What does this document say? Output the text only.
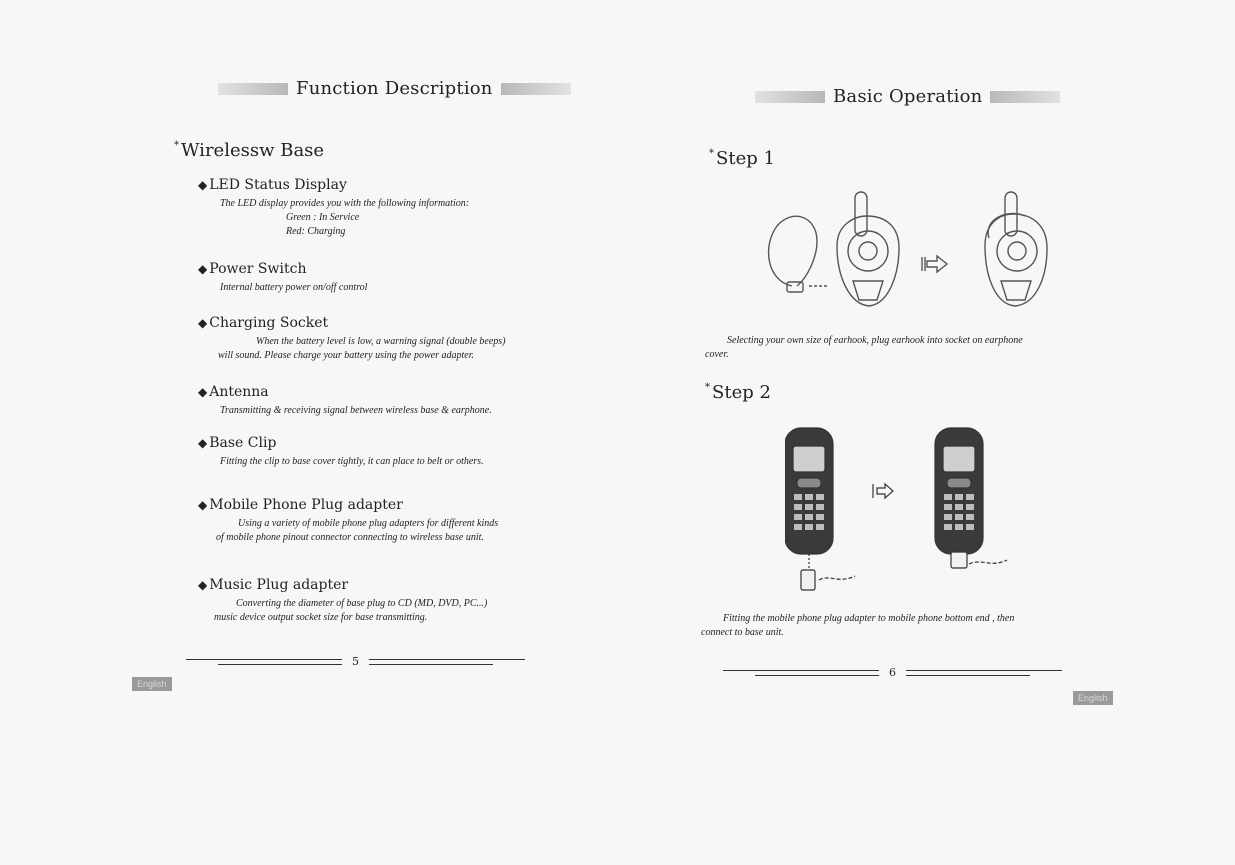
Function Description
* Wirelessw Base
◆ LED Status Display
The LED display provides you with the following information:
Green : In Service
Red: Charging
◆ Power Switch
Internal battery power on/off control
◆ Charging Socket
When the battery level is low, a warning signal (double beeps)
will sound. Please charge your battery using the power adapter.
◆ Antenna
Transmitting & receiving signal between wireless base & earphone.
◆ Base Clip
Fitting the clip to base cover tightly, it can place to belt or others.
◆ Mobile Phone Plug adapter
Using a variety of mobile phone plug adapters for different kinds
of mobile phone pinout connector connecting to wireless base unit.
◆ Music Plug adapter
Converting the diameter of base plug to CD (MD, DVD, PC...)
music device output socket size for base transmitting.
5
English
Basic Operation
* Step 1
Selecting your own size of earhook, plug earhook into socket on earphone
cover.
* Step 2
Fitting the mobile phone plug adapter to mobile phone bottom end , then
connect to base unit.
6
English
